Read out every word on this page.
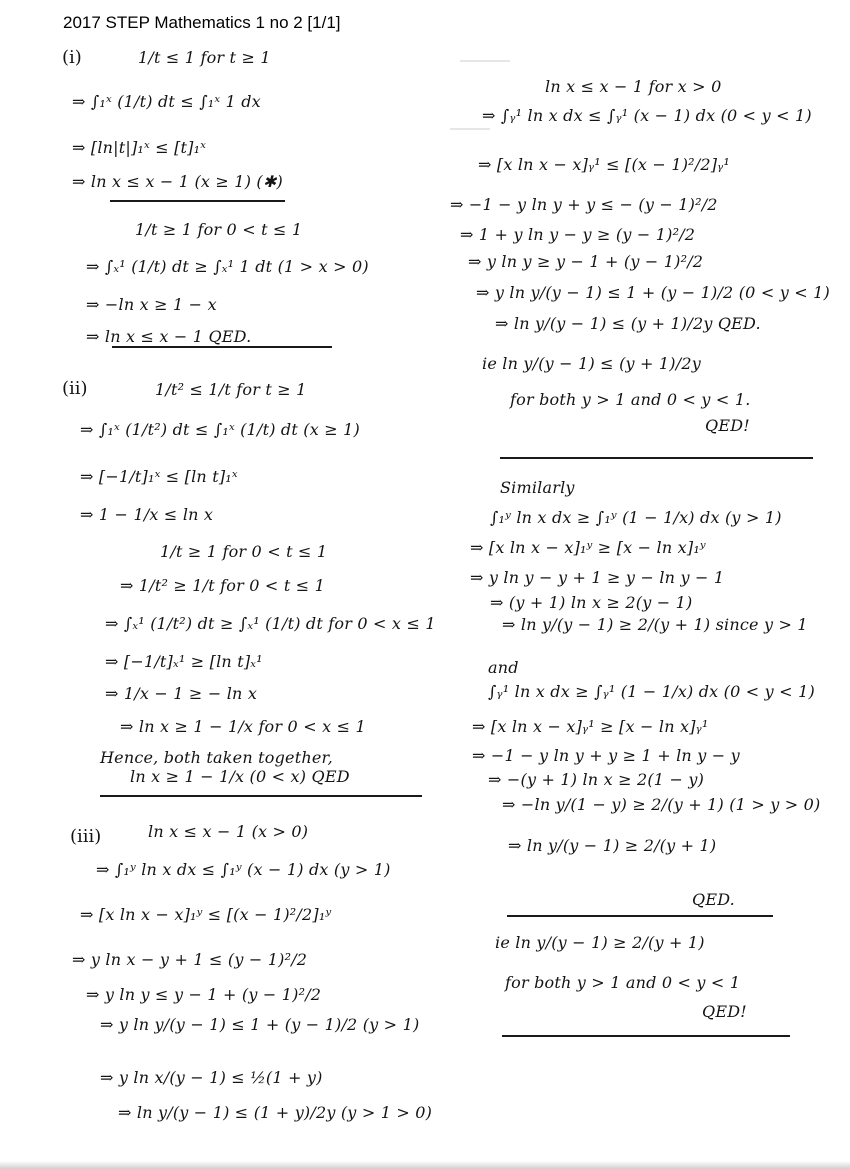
2017 STEP Mathematics 1 no 2 [1/1]
(i)	1/t ≤ 1 for t ≥ 1
⇒ ∫₁ˣ (1/t) dt ≤ ∫₁ˣ 1 dx
⇒ [ln|t|]₁ˣ ≤ [t]₁ˣ
⇒ ln x ≤ x − 1 (x ≥ 1) (✱)
1/t ≥ 1 for 0 < t ≤ 1
⇒ ∫ₓ¹ (1/t) dt ≥ ∫ₓ¹ 1 dt (1 > x > 0)
⇒ −ln x ≥ 1 − x
⇒ ln x ≤ x − 1 QED.
(ii)	1/t² ≤ 1/t for t ≥ 1
⇒ ∫₁ˣ (1/t²) dt ≤ ∫₁ˣ (1/t) dt (x ≥ 1)
⇒ [−1/t]₁ˣ ≤ [ln t]₁ˣ
⇒ 1 − 1/x ≤ ln x
1/t ≥ 1 for 0 < t ≤ 1
⇒ 1/t² ≥ 1/t for 0 < t ≤ 1
⇒ ∫ₓ¹ (1/t²) dt ≥ ∫ₓ¹ (1/t) dt for 0 < x ≤ 1
⇒ [−1/t]ₓ¹ ≥ [ln t]ₓ¹
⇒ 1/x − 1 ≥ − ln x
⇒ ln x ≥ 1 − 1/x for 0 < x ≤ 1
Hence, both taken together,
ln x ≥ 1 − 1/x (0 < x) QED
(iii)	ln x ≤ x − 1 (x > 0)
⇒ ∫₁ʸ ln x dx ≤ ∫₁ʸ (x − 1) dx (y > 1)
⇒ [x ln x − x]₁ʸ ≤ [(x − 1)²/2]₁ʸ
⇒ y ln x − y + 1 ≤ (y − 1)²/2
⇒ y ln y ≤ y − 1 + (y − 1)²/2
⇒ y ln y/(y − 1) ≤ 1 + (y − 1)/2 (y > 1)
⇒ y ln x/(y − 1) ≤ ½(1 + y)
⇒ ln y/(y − 1) ≤ (1 + y)/2y (y > 1 > 0)
ln x ≤ x − 1 for x > 0
⇒ ∫ᵧ¹ ln x dx ≤ ∫ᵧ¹ (x − 1) dx (0 < y < 1)
⇒ [x ln x − x]ᵧ¹ ≤ [(x − 1)²/2]ᵧ¹
⇒ −1 − y ln y + y ≤ − (y − 1)²/2
⇒ 1 + y ln y − y ≥ (y − 1)²/2
⇒ y ln y ≥ y − 1 + (y − 1)²/2
⇒ y ln y/(y − 1) ≤ 1 + (y − 1)/2 (0 < y < 1)
⇒ ln y/(y − 1) ≤ (y + 1)/2y QED.
ie ln y/(y − 1) ≤ (y + 1)/2y
for both y > 1 and 0 < y < 1.
QED!
Similarly
∫₁ʸ ln x dx ≥ ∫₁ʸ (1 − 1/x) dx (y > 1)
⇒ [x ln x − x]₁ʸ ≥ [x − ln x]₁ʸ
⇒ y ln y − y + 1 ≥ y − ln y − 1
⇒ (y + 1) ln x ≥ 2(y − 1)
⇒ ln y/(y − 1) ≥ 2/(y + 1) since y > 1
and
∫ᵧ¹ ln x dx ≥ ∫ᵧ¹ (1 − 1/x) dx (0 < y < 1)
⇒ [x ln x − x]ᵧ¹ ≥ [x − ln x]ᵧ¹
⇒ −1 − y ln y + y ≥ 1 + ln y − y
⇒ −(y + 1) ln x ≥ 2(1 − y)
⇒ −ln y/(1 − y) ≥ 2/(y + 1) (1 > y > 0)
⇒ ln y/(y − 1) ≥ 2/(y + 1)
QED.
ie ln y/(y − 1) ≥ 2/(y + 1)
for both y > 1 and 0 < y < 1
QED!
